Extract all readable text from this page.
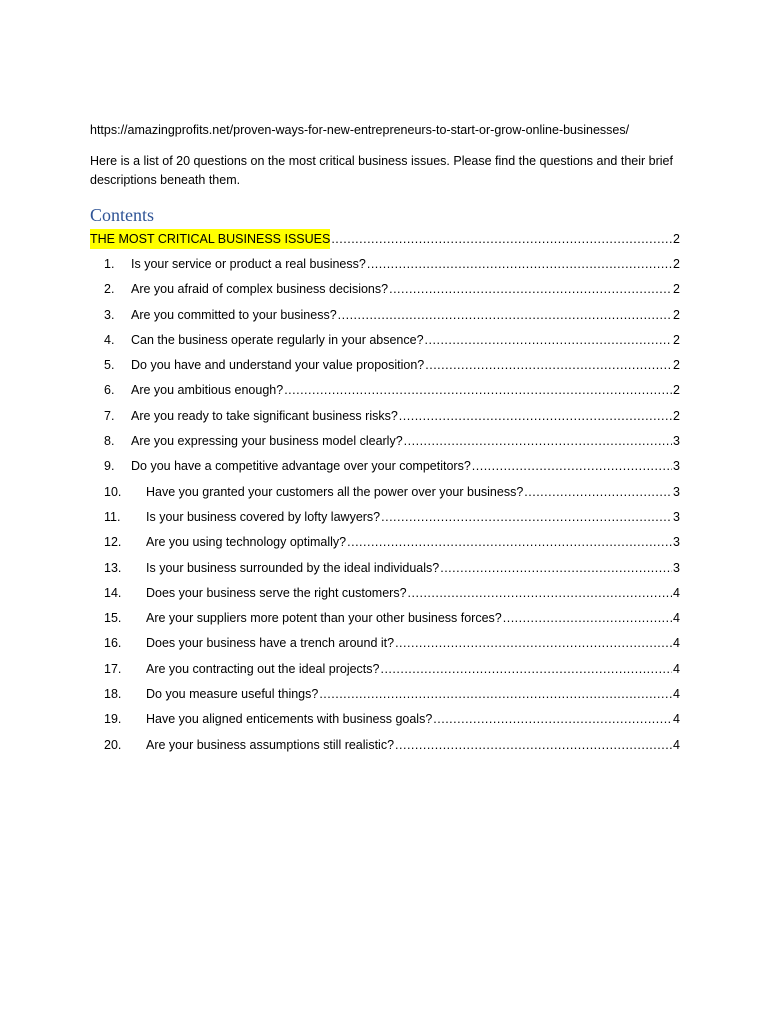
https://amazingprofits.net/proven-ways-for-new-entrepreneurs-to-start-or-grow-online-businesses/
Here is a list of 20 questions on the most critical business issues. Please find the questions and their brief descriptions beneath them.
Contents
THE MOST CRITICAL BUSINESS ISSUES .....	2
1.	Is your service or product a real business? .....	2
2.	Are you afraid of complex business decisions? .....	2
3.	Are you committed to your business? .....	2
4.	Can the business operate regularly in your absence? .....	2
5.	Do you have and understand your value proposition? .....	2
6.	Are you ambitious enough? .....	2
7.	Are you ready to take significant business risks? .....	2
8.	Are you expressing your business model clearly? .....	3
9.	Do you have a competitive advantage over your competitors? .....	3
10.	Have you granted your customers all the power over your business? .....	3
11.	Is your business covered by lofty lawyers? .....	3
12.	Are you using technology optimally? .....	3
13.	Is your business surrounded by the ideal individuals? .....	3
14.	Does your business serve the right customers? .....	4
15.	Are your suppliers more potent than your other business forces? .....	4
16.	Does your business have a trench around it? .....	4
17.	Are you contracting out the ideal projects? .....	4
18.	Do you measure useful things? .....	4
19.	Have you aligned enticements with business goals? .....	4
20.	Are your business assumptions still realistic? .....	4
